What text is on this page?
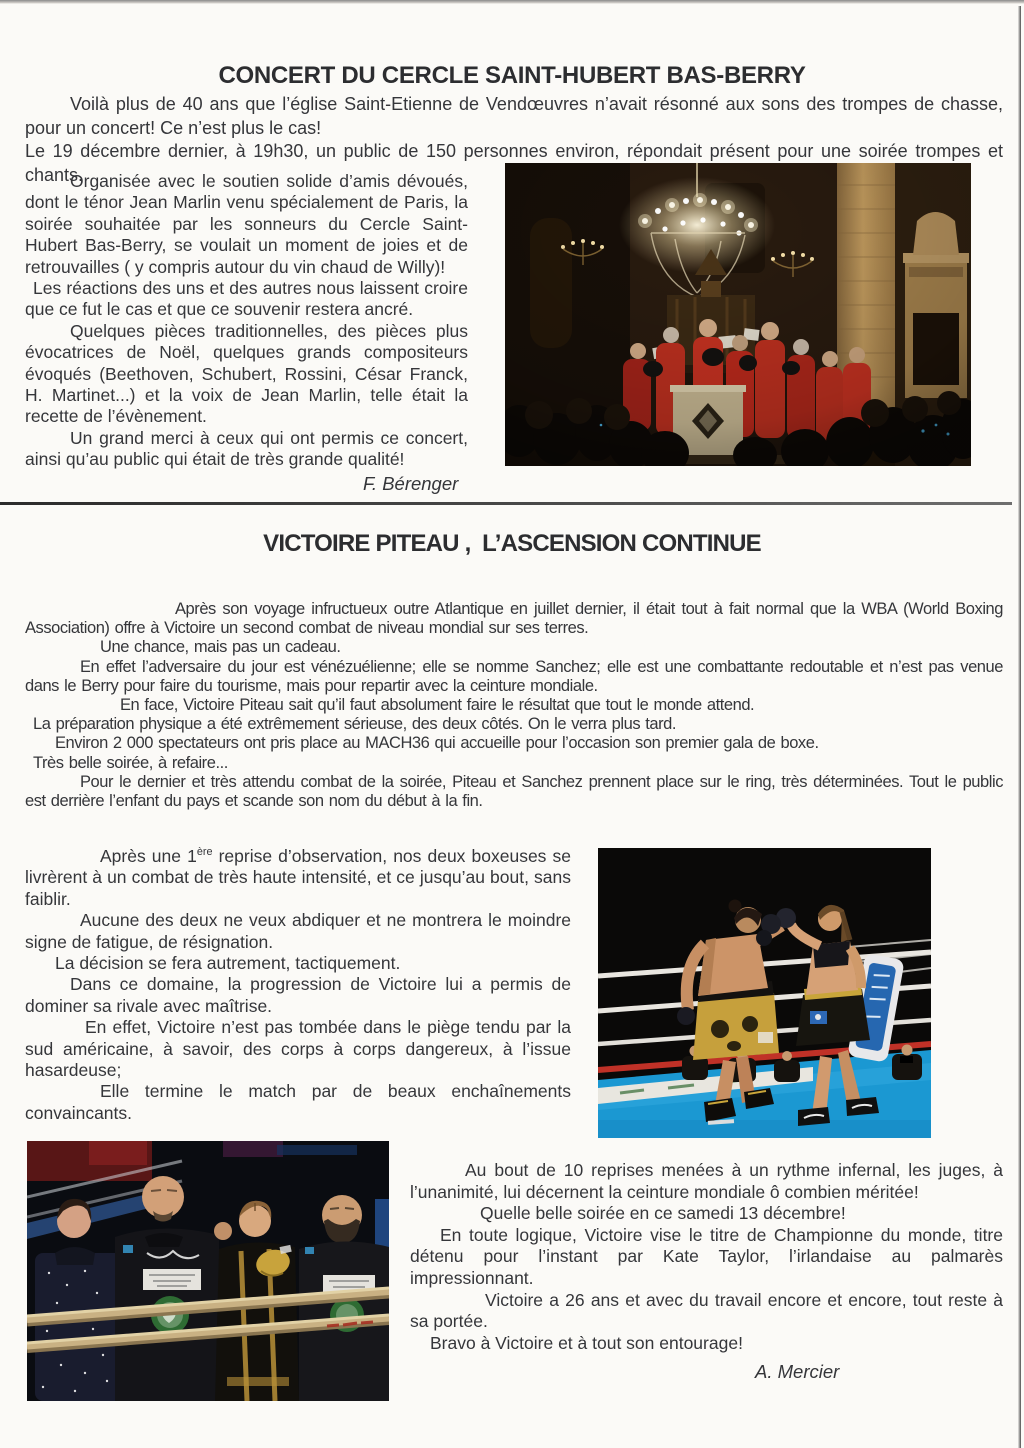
CONCERT DU CERCLE SAINT-HUBERT BAS-BERRY

Voilà plus de 40 ans que l’église Saint-Etienne de Vendœuvres n’avait résonné aux sons des trompes de chasse, pour un concert! Ce n’est plus le cas!

Le 19 décembre dernier, à 19h30, un public de 150 personnes environ, répondait présent pour une soirée trompes et chants.

Organisée avec le soutien solide d’amis dévoués, dont le ténor Jean Marlin venu spécialement de Paris, la soirée souhaitée par les sonneurs du Cercle Saint-Hubert Bas-Berry, se voulait un moment de joies et de retrouvailles ( y compris autour du vin chaud de Willy)!

Les réactions des uns et des autres nous laissent croire que ce fut le cas et que ce souvenir restera ancré.

Quelques pièces traditionnelles, des pièces plus évocatrices de Noël, quelques grands compositeurs évoqués (Beethoven, Schubert, Rossini, César Franck, H. Martinet...) et la voix de Jean Marlin, telle était la recette de l’évènement.

Un grand merci à ceux qui ont permis ce concert, ainsi qu’au public qui était de très grande qualité!

F. Bérenger
VICTOIRE PITEAU ,  L’ASCENSION CONTINUE

Après son voyage infructueux outre Atlantique en juillet dernier, il était tout à fait normal que la WBA (World Boxing Association) offre à Victoire un second combat de niveau mondial sur ses terres.

Une chance, mais pas un cadeau.

En effet l’adversaire du jour est vénézuélienne; elle se nomme Sanchez; elle est une combattante redoutable et n’est pas venue dans le Berry pour faire du tourisme, mais pour repartir avec la ceinture mondiale.

En face, Victoire Piteau sait qu’il faut absolument faire le résultat que tout le monde attend.

La préparation physique a été extrêmement sérieuse, des deux côtés. On le verra plus tard.

Environ 2 000 spectateurs ont pris place au MACH36 qui accueille pour l’occasion son premier gala de boxe.

Très belle soirée, à refaire...

Pour le dernier et très attendu combat de la soirée, Piteau et Sanchez prennent place sur le ring, très déterminées. Tout le public est derrière l’enfant du pays et scande son nom du début à la fin.

Après une 1ère reprise d’observation, nos deux boxeuses se livrèrent à un combat de très haute intensité, et ce jusqu’au bout, sans faiblir.

Aucune des deux ne veux abdiquer et ne montrera le moindre signe de fatigue, de résignation.

La décision se fera autrement, tactiquement.

Dans ce domaine, la progression de Victoire lui a permis de dominer sa rivale avec maîtrise.

En effet, Victoire n’est pas tombée dans le piège tendu par la sud américaine, à savoir, des corps à corps dangereux, à l’issue hasardeuse;

Elle termine le match par de beaux enchaînements convaincants.

Au bout de 10 reprises menées à un rythme infernal, les juges, à l’unanimité, lui décernent la ceinture mondiale ô combien méritée!

Quelle belle soirée en ce samedi 13 décembre!

En toute logique, Victoire vise le titre de Championne du monde, titre détenu pour l’instant par Kate Taylor, l’irlandaise au palmarès impressionnant.

Victoire a 26 ans et avec du travail encore et encore, tout reste à sa portée.

Bravo à Victoire et à tout son entourage!

A. Mercier
